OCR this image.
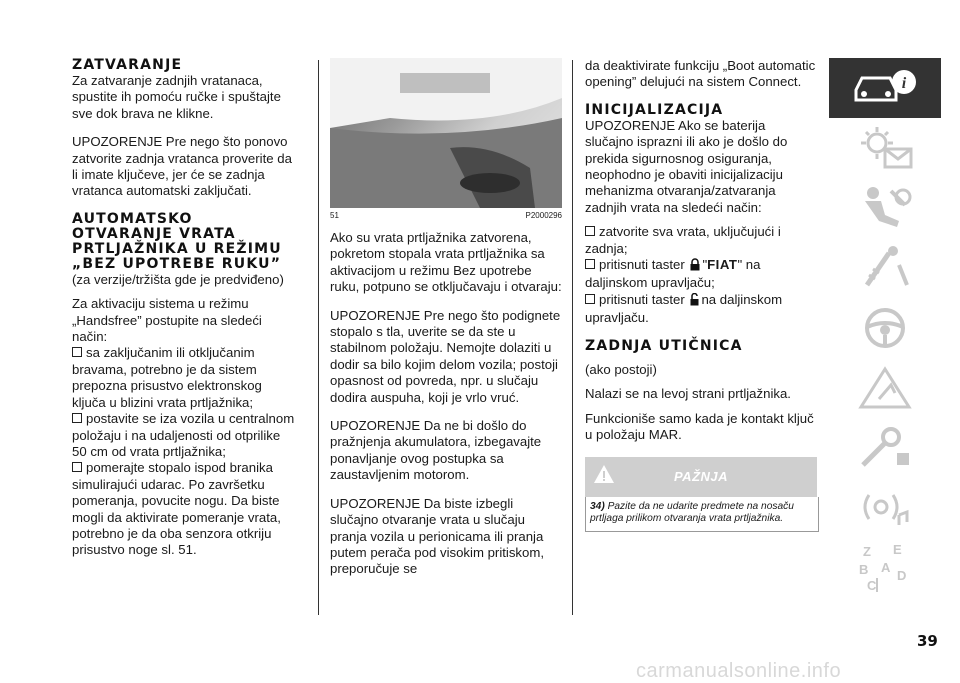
ZATVARANJE

Za zatvaranje zadnjih vratanaca, spustite ih pomoću ručke i spuštajte sve dok brava ne klikne.

UPOZORENJE Pre nego što ponovo zatvorite zadnja vratanca proverite da li imate ključeve, jer će se zadnja vratanca automatski zaključati.

AUTOMATSKO OTVARANJE VRATA PRTLJAŽNIKA U REŽIMU „BEZ UPOTREBE RUKU”

(za verzije/tržišta gde je predviđeno)

Za aktivaciju sistema u režimu „Handsfree” postupite na sledeći način:

sa zaključanim ili otključanim bravama, potrebno je da sistem prepozna prisustvo elektronskog ključa u blizini vrata prtljažnika;

postavite se iza vozila u centralnom položaju i na udaljenosti od otprilike 50 cm od vrata prtljažnika;

pomerajte stopalo ispod branika simulirajući udarac. Po završetku pomeranja, povucite nogu. Da biste mogli da aktivirate pomeranje vrata, potrebno je da oba senzora otkriju prisustvo noge sl. 51.

51	P2000296

Ako su vrata prtljažnika zatvorena, pokretom stopala vrata prtljažnika sa aktivacijom u režimu Bez upotrebe ruku, potpuno se otključavaju i otvaraju:

UPOZORENJE Pre nego što podignete stopalo s tla, uverite se da ste u stabilnom položaju. Nemojte dolaziti u dodir sa bilo kojim delom vozila; postoji opasnost od povreda, npr. u slučaju dodira auspuha, koji je vrlo vruć.

UPOZORENJE Da ne bi došlo do pražnjenja akumulatora, izbegavajte ponavljanje ovog postupka sa zaustavljenim motorom.

UPOZORENJE Da biste izbegli slučajno otvaranje vrata u slučaju pranja vozila u perionicama ili pranja putem perača pod visokim pritiskom, preporučuje se

da deaktivirate funkciju „Boot automatic opening” delujući na sistem Connect.

INICIJALIZACIJA

UPOZORENJE Ako se baterija slučajno isprazni ili ako je došlo do prekida sigurnosnog osiguranja, neophodno je obaviti inicijalizaciju mehanizma otvaranja/zatvaranja zadnjih vrata na sledeći način:

zatvorite sva vrata, uključujući i zadnja;

pritisnuti taster "FIAT" na daljinskom upravljaču;

pritisnuti taster na daljinskom upravljaču.

ZADNJA UTIČNICA

(ako postoji)

Nalazi se na levoj strani prtljažnika.

Funkcioniše samo kada je kontakt ključ u položaju MAR.

PAŽNJA
34) Pazite da ne udarite predmete na nosaču prtljaga prilikom otvaranja vrata prtljažnika.
i
Z E
B A
C
D
39
carmanualsonline.info
